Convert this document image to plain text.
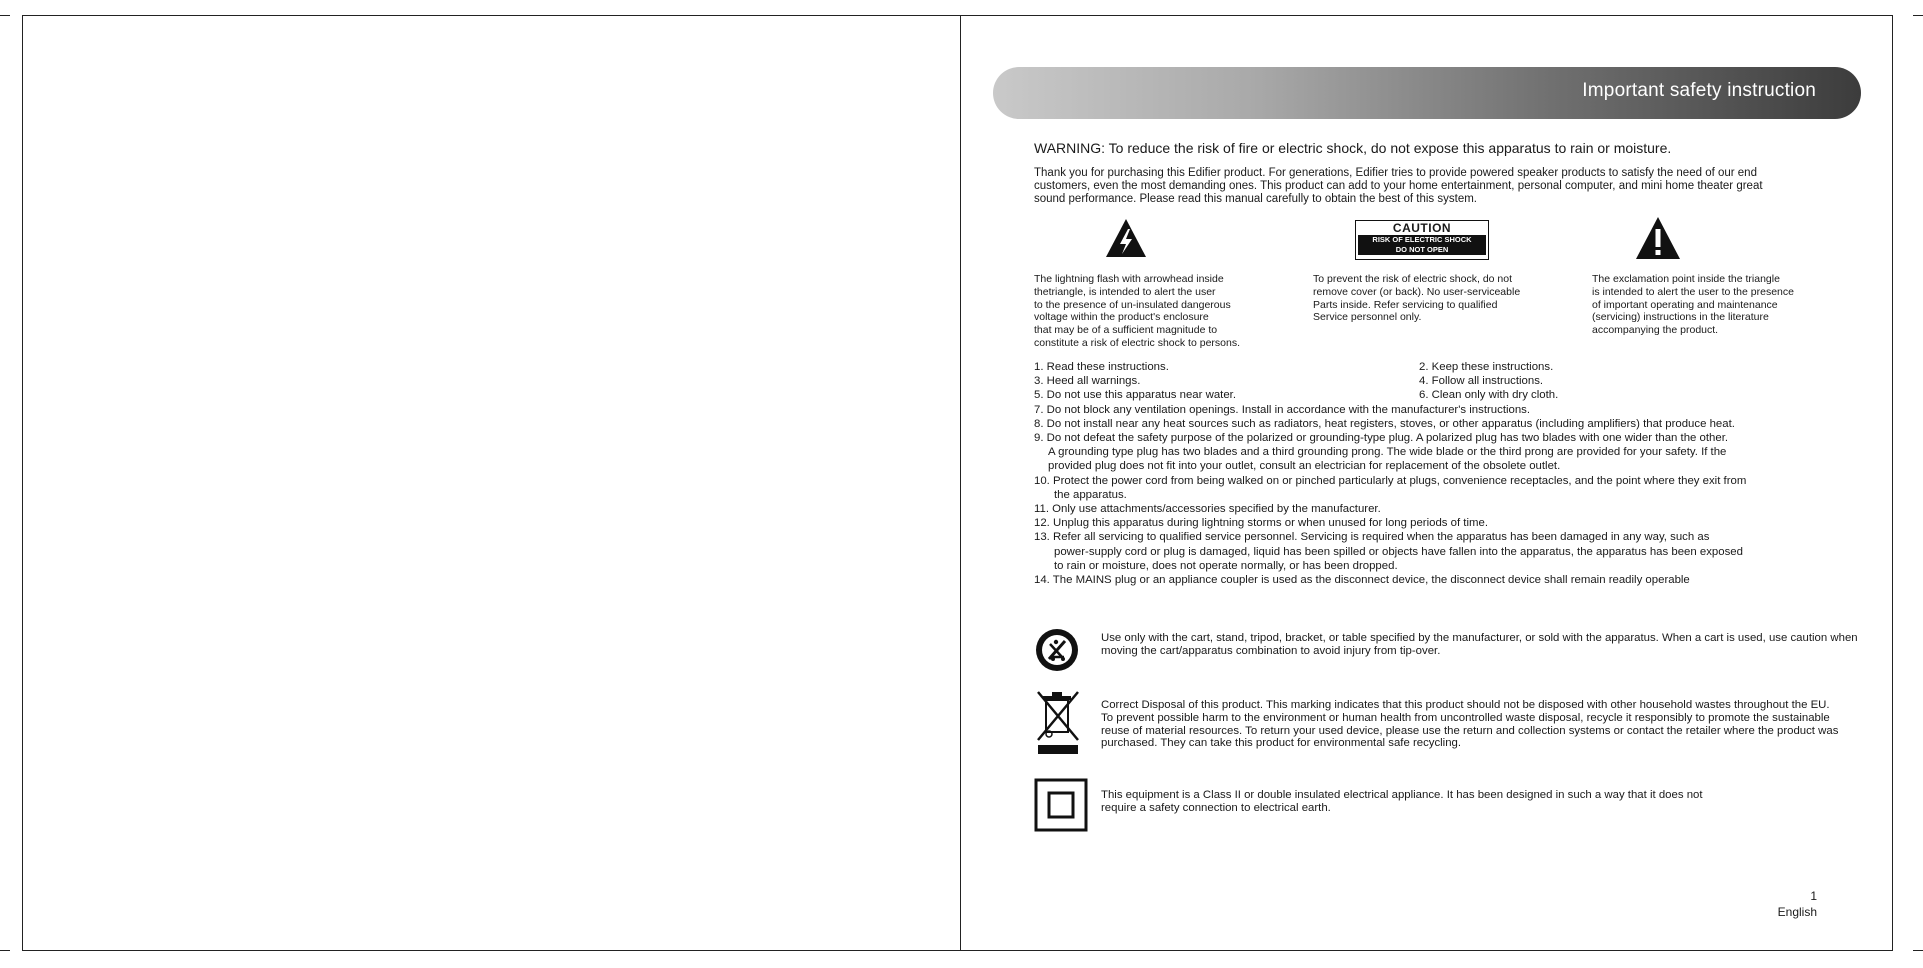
Important safety instruction
WARNING: To reduce the risk of fire or electric shock, do not expose this apparatus to rain or moisture.
Thank you for purchasing this Edifier product. For generations, Edifier tries to provide powered speaker products to satisfy the need of our end
customers, even the most demanding ones. This product can add to your home entertainment, personal computer, and mini home theater great
sound performance. Please read this manual carefully to obtain the best of this system.
CAUTION
RISK OF ELECTRIC SHOCK
DO NOT OPEN
The lightning flash with arrowhead inside
thetriangle, is intended to alert the user
to the presence of un-insulated dangerous
voltage within the product's enclosure
that may be of a sufficient magnitude to
constitute a risk of electric shock to persons.
To prevent the risk of electric shock, do not
remove cover (or back). No user-serviceable
Parts inside. Refer servicing to qualified
Service personnel only.
The exclamation point inside the triangle
is intended to alert the user to the presence
of important operating and maintenance
(servicing) instructions in the literature
accompanying the product.
1. Read these instructions.	2. Keep these instructions.
3. Heed all warnings.	4. Follow all instructions.
5. Do not use this apparatus near water.	6. Clean only with dry cloth.
7. Do not block any ventilation openings. Install in accordance with the manufacturer's instructions.
8. Do not install near any heat sources such as radiators, heat registers, stoves, or other apparatus (including amplifiers) that produce heat.
9. Do not defeat the safety purpose of the polarized or grounding-type plug. A polarized plug has two blades with one wider than the other.
A grounding type plug has two blades and a third grounding prong. The wide blade or the third prong are provided for your safety. If the
provided plug does not fit into your outlet, consult an electrician for replacement of the obsolete outlet.
10. Protect the power cord from being walked on or pinched particularly at plugs, convenience receptacles, and the point where they exit from
the apparatus.
11. Only use attachments/accessories specified by the manufacturer.
12. Unplug this apparatus during lightning storms or when unused for long periods of time.
13. Refer all servicing to qualified service personnel. Servicing is required when the apparatus has been damaged in any way, such as
power-supply cord or plug is damaged, liquid has been spilled or objects have fallen into the apparatus, the apparatus has been exposed
to rain or moisture, does not operate normally, or has been dropped.
14. The MAINS plug or an appliance coupler is used as the disconnect device, the disconnect device shall remain readily operable
Use only with the cart, stand, tripod, bracket, or table specified by the manufacturer, or sold with the apparatus. When a cart is used, use caution when moving the cart/apparatus combination to avoid injury from tip-over.
Correct Disposal of this product. This marking indicates that this product should not be disposed with other household wastes throughout the EU. To prevent possible harm to the environment or human health from uncontrolled waste disposal, recycle it responsibly to promote the sustainable reuse of material resources. To return your used device, please use the return and collection systems or contact the retailer where the product was purchased. They can take this product for environmental safe recycling.
This equipment is a Class II or double insulated electrical appliance. It has been designed in such a way that it does not require a safety connection to electrical earth.
1
English
